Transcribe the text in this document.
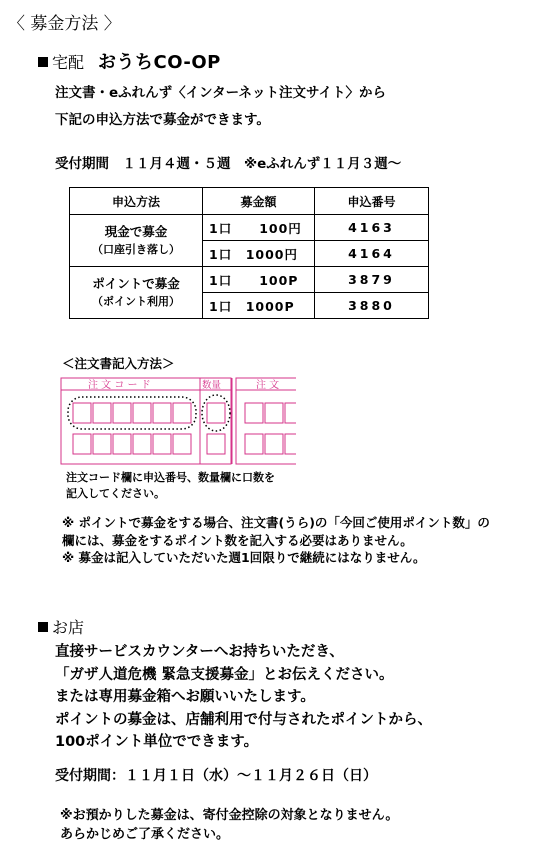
〈 募金方法 〉
宅配 おうちCO-OP
注文書・eふれんず〈インターネット注文サイト〉から
下記の申込方法で募金ができます。
受付期間　１１月４週・５週　※eふれんず１１月３週～
申込方法	募金額	申込番号

現金で募金
（口座引き落し）	1口　　100円	4163
	1口　1000円	4164

ポイントで募金
（ポイント利用）	1口　　100P	3879
	1口　1000P	3880
＜注文書記入方法＞
注 文 コ ー ド	数量	注 文
注文コード欄に申込番号、数量欄に口数を
記入してください。
※ ポイントで募金をする場合、注文書(うら)の「今回ご使用ポイント数」の
欄には、募金をするポイント数を記入する必要はありません。
※ 募金は記入していただいた週1回限りで継続にはなりません。
お店
直接サービスカウンターへお持ちいただき、
「ガザ人道危機 緊急支援募金」とお伝えください。
または専用募金箱へお願いいたします。
ポイントの募金は、店舗利用で付与されたポイントから、
100ポイント単位でできます。
受付期間：１１月１日（水）～１１月２６日（日）
※お預かりした募金は、寄付金控除の対象となりません。
あらかじめご了承ください。
